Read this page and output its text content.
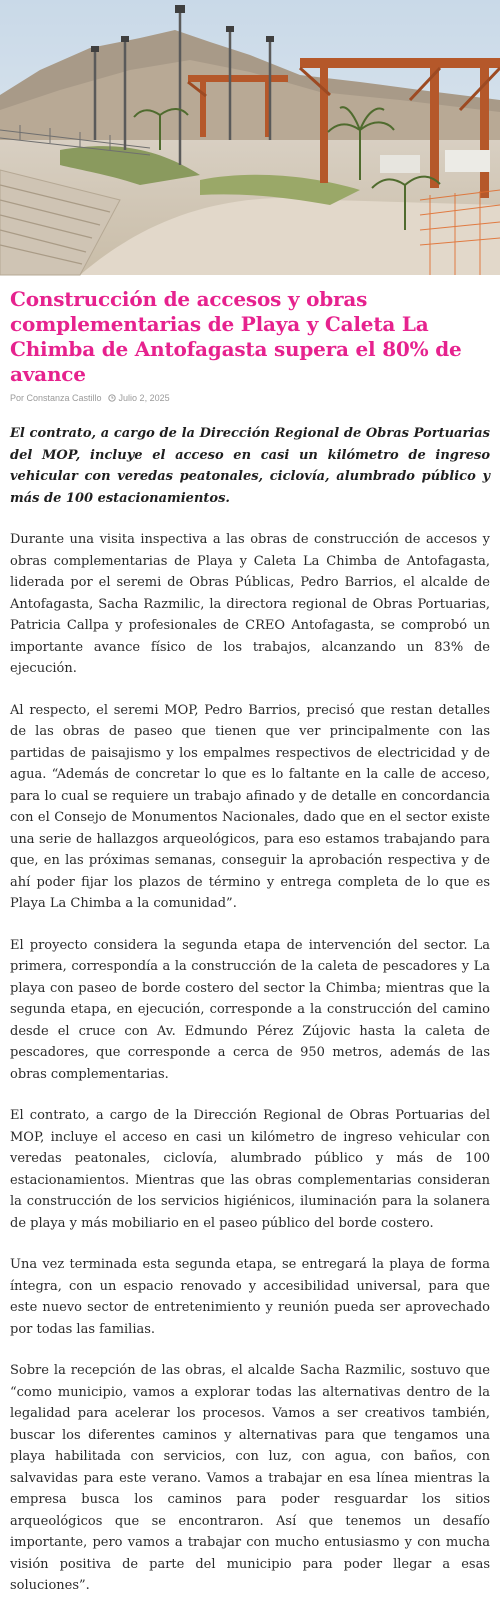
Construcción de accesos y obras complementarias de Playa y Caleta La Chimba de Antofagasta supera el 80% de avance
Por Constanza Castillo Julio 2, 2025

El contrato, a cargo de la Dirección Regional de Obras Portuarias del MOP, incluye el acceso en casi un kilómetro de ingreso vehicular con veredas peatonales, ciclovía, alumbrado público y más de 100 estacionamientos.

Durante una visita inspectiva a las obras de construcción de accesos y obras complementarias de Playa y Caleta La Chimba de Antofagasta, liderada por el seremi de Obras Públicas, Pedro Barrios, el alcalde de Antofagasta, Sacha Razmilic, la directora regional de Obras Portuarias, Patricia Callpa y profesionales de CREO Antofagasta, se comprobó un importante avance físico de los trabajos, alcanzando un 83% de ejecución.

Al respecto, el seremi MOP, Pedro Barrios, precisó que restan detalles de las obras de paseo que tienen que ver principalmente con las partidas de paisajismo y los empalmes respectivos de electricidad y de agua. “Además de concretar lo que es lo faltante en la calle de acceso, para lo cual se requiere un trabajo afinado y de detalle en concordancia con el Consejo de Monumentos Nacionales, dado que en el sector existe una serie de hallazgos arqueológicos, para eso estamos trabajando para que, en las próximas semanas, conseguir la aprobación respectiva y de ahí poder fijar los plazos de término y entrega completa de lo que es Playa La Chimba a la comunidad”.

El proyecto considera la segunda etapa de intervención del sector. La primera, correspondía a la construcción de la caleta de pescadores y La playa con paseo de borde costero del sector la Chimba; mientras que la segunda etapa, en ejecución, corresponde a la construcción del camino desde el cruce con Av. Edmundo Pérez Zújovic hasta la caleta de pescadores, que corresponde a cerca de 950 metros, además de las obras complementarias.

El contrato, a cargo de la Dirección Regional de Obras Portuarias del MOP, incluye el acceso en casi un kilómetro de ingreso vehicular con veredas peatonales, ciclovía, alumbrado público y más de 100 estacionamientos. Mientras que las obras complementarias consideran la construcción de los servicios higiénicos, iluminación para la solanera de playa y más mobiliario en el paseo público del borde costero.

Una vez terminada esta segunda etapa, se entregará la playa de forma íntegra, con un espacio renovado y accesibilidad universal, para que este nuevo sector de entretenimiento y reunión pueda ser aprovechado por todas las familias.

Sobre la recepción de las obras, el alcalde Sacha Razmilic, sostuvo que “como municipio, vamos a explorar todas las alternativas dentro de la legalidad para acelerar los procesos. Vamos a ser creativos también, buscar los diferentes caminos y alternativas para que tengamos una playa habilitada con servicios, con luz, con agua, con baños, con salvavidas para este verano. Vamos a trabajar en esa línea mientras la empresa busca los caminos para poder resguardar los sitios arqueológicos que se encontraron. Así que tenemos un desafío importante, pero vamos a trabajar con mucho entusiasmo y con mucha visión positiva de parte del municipio para poder llegar a esas soluciones”.
